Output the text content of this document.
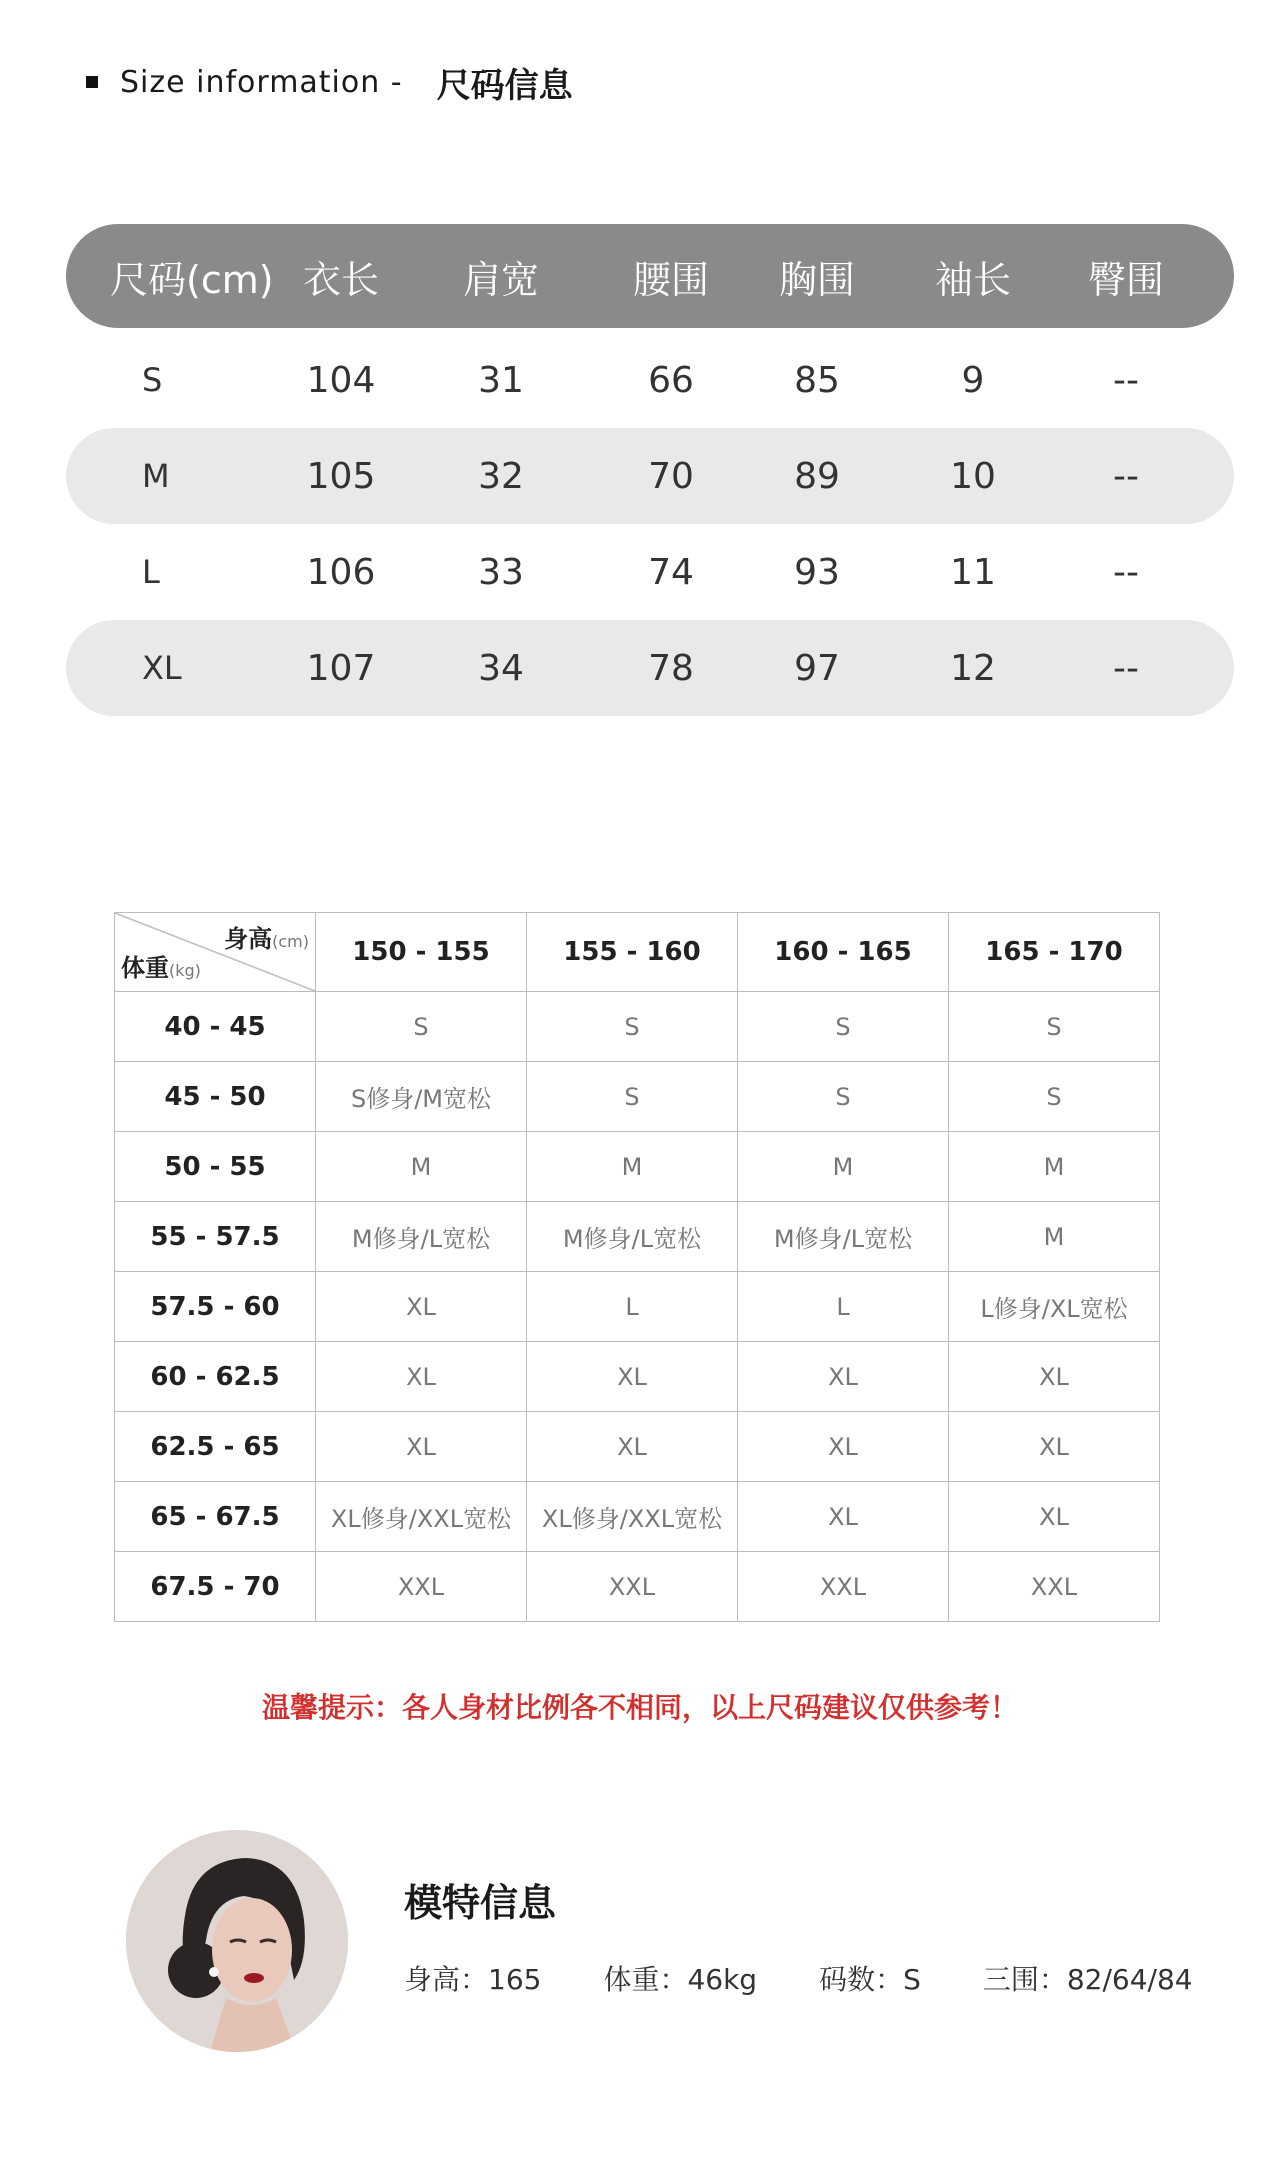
Size information - 尺码信息
尺码(cm) 衣长	肩宽	腰围	胸围	袖长	臀围
S	104	31	66	85	9	--
M	105	32	70	89	10	--
L	106	33	74	93	11	--
XL	107	34	78	97	12	--
身高(cm)
体重(kg)	150 - 155	155 - 160	160 - 165	165 - 170
40 - 45	S	S	S	S
45 - 50	S修身/M宽松	S	S	S
50 - 55	M	M	M	M
55 - 57.5	M修身/L宽松	M修身/L宽松	M修身/L宽松	M
57.5 - 60	XL	L	L	L修身/XL宽松
60 - 62.5	XL	XL	XL	XL
62.5 - 65	XL	XL	XL	XL
65 - 67.5	XL修身/XXL宽松	XL修身/XXL宽松	XL	XL
67.5 - 70	XXL	XXL	XXL	XXL
温馨提示：各人身材比例各不相同，以上尺码建议仅供参考！
模特信息
身高：165 体重：46kg 码数：S 三围：82/64/84
